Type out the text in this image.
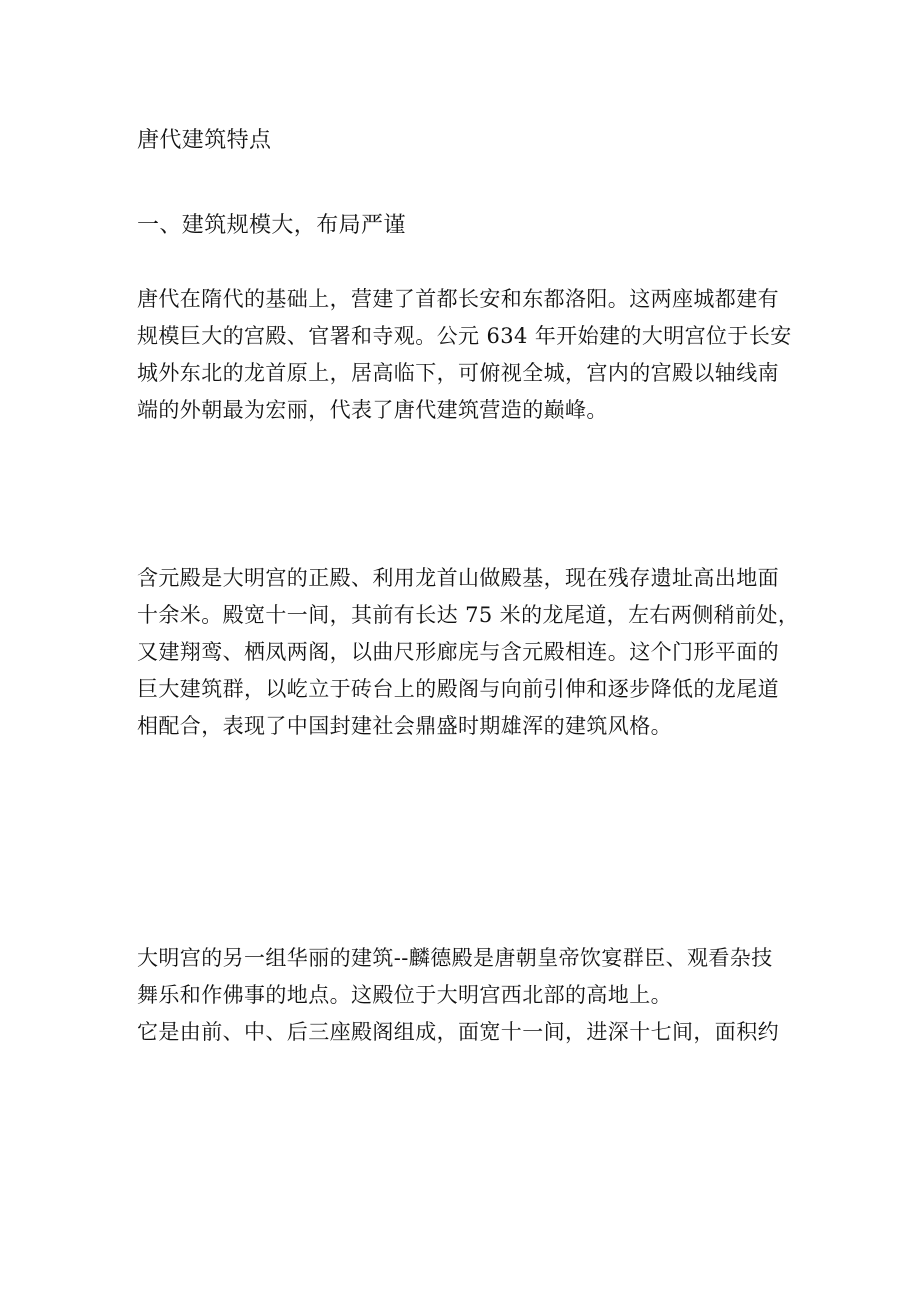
唐代建筑特点
一、建筑规模大，布局严谨

唐代在隋代的基础上，营建了首都长安和东都洛阳。这两座城都建有
规模巨大的宫殿、官署和寺观。公元 634 年开始建的大明宫位于长安
城外东北的龙首原上，居高临下，可俯视全城，宫内的宫殿以轴线南
端的外朝最为宏丽，代表了唐代建筑营造的巅峰。

含元殿是大明宫的正殿、利用龙首山做殿基，现在残存遗址高出地面
十余米。殿宽十一间，其前有长达 75 米的龙尾道，左右两侧稍前处，
又建翔鸾、栖凤两阁，以曲尺形廊庑与含元殿相连。这个门形平面的
巨大建筑群，以屹立于砖台上的殿阁与向前引伸和逐步降低的龙尾道
相配合，表现了中国封建社会鼎盛时期雄浑的建筑风格。

大明宫的另一组华丽的建筑--麟德殿是唐朝皇帝饮宴群臣、观看杂技
舞乐和作佛事的地点。这殿位于大明宫西北部的高地上。
它是由前、中、后三座殿阁组成，面宽十一间，进深十七间，面积约
